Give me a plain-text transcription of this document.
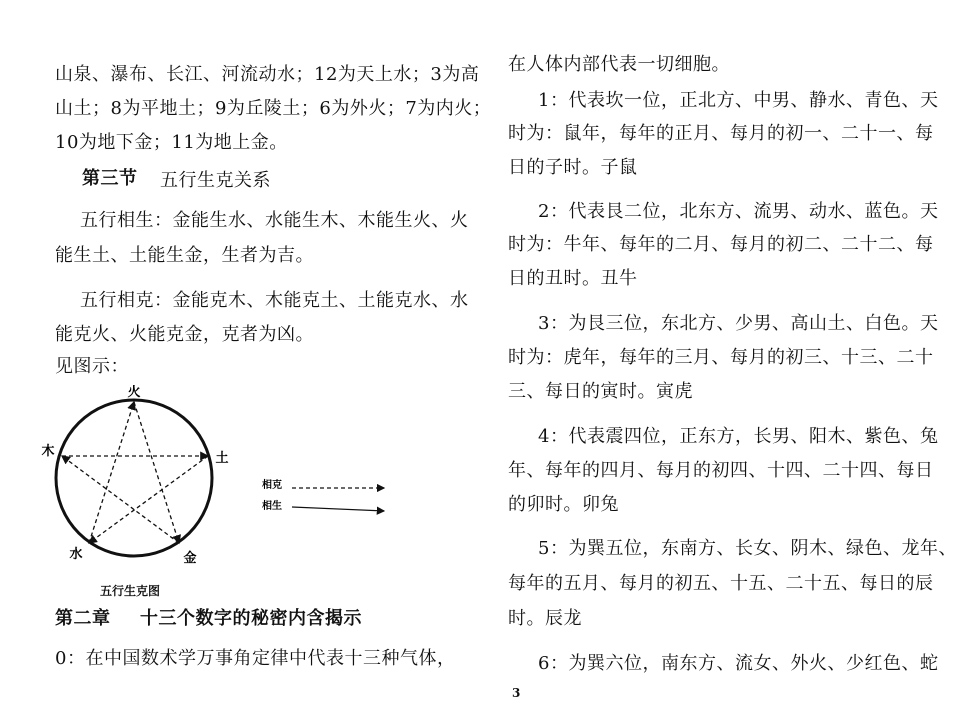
山泉、瀑布、长江、河流动水；12为天上水；3为高
山土；8为平地土；9为丘陵土；6为外火；7为内火；
10为地下金；11为地上金。
第三节 五行生克关系
五行相生：金能生水、水能生木、木能生火、火
能生土、土能生金，生者为吉。
五行相克：金能克木、木能克土、土能克水、水
能克火、火能克金，克者为凶。
见图示：
火
土
金
水
木
相克
相生
五行生克图
第二章 十三个数字的秘密内含揭示
0：在中国数术学万事角定律中代表十三种气体，
在人体内部代表一切细胞。
1：代表坎一位，正北方、中男、静水、青色、天
时为：鼠年，每年的正月、每月的初一、二十一、每
日的子时。子鼠
2：代表艮二位，北东方、流男、动水、蓝色。天
时为：牛年、每年的二月、每月的初二、二十二、每
日的丑时。丑牛
3：为艮三位，东北方、少男、高山土、白色。天
时为：虎年，每年的三月、每月的初三、十三、二十
三、每日的寅时。寅虎
4：代表震四位，正东方，长男、阳木、紫色、兔
年、每年的四月、每月的初四、十四、二十四、每日
的卯时。卯兔
5：为巽五位，东南方、长女、阴木、绿色、龙年、
每年的五月、每月的初五、十五、二十五、每日的辰
时。辰龙
6：为巽六位，南东方、流女、外火、少红色、蛇
3
